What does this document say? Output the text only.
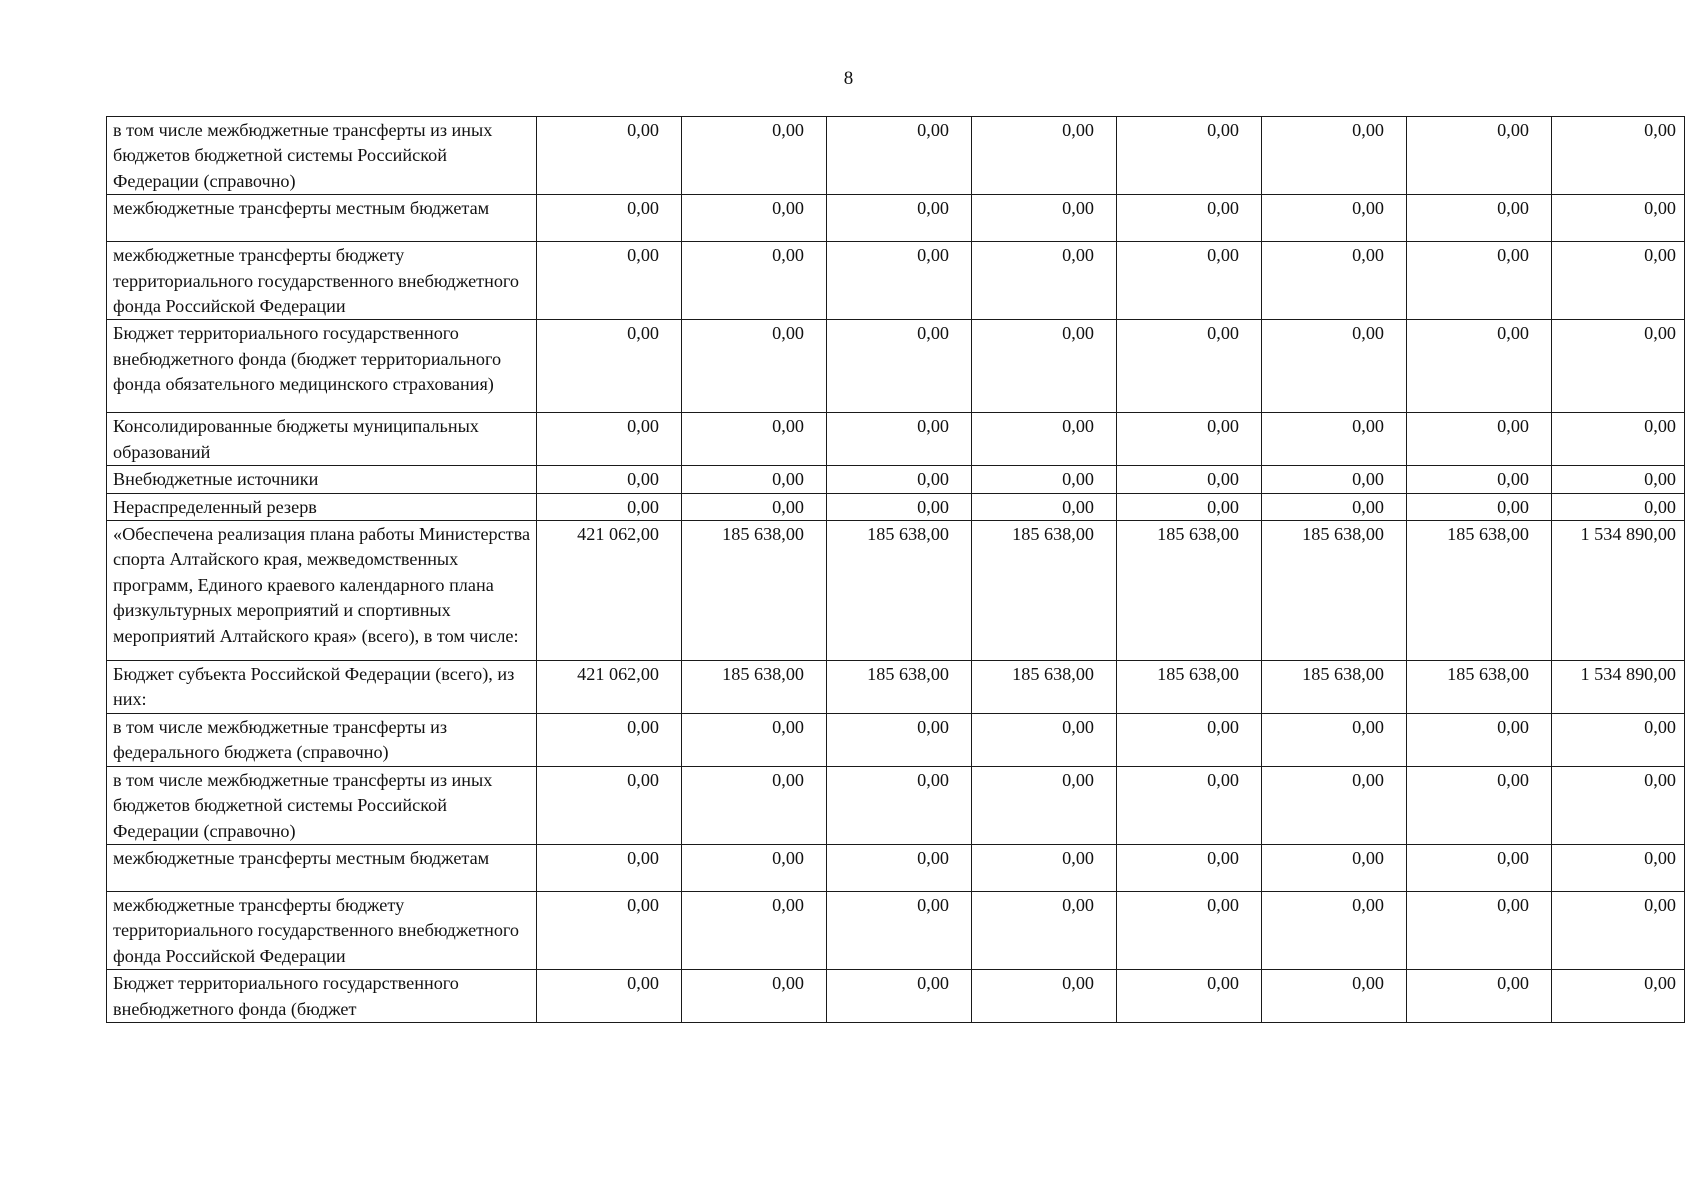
8
в том числе межбюджетные трансферты из иных бюджетов бюджетной системы Российской Федерации (справочно)	0,00	0,00	0,00	0,00	0,00	0,00	0,00	0,00
межбюджетные трансферты местным бюджетам	0,00	0,00	0,00	0,00	0,00	0,00	0,00	0,00
межбюджетные трансферты бюджету территориального государственного внебюджетного фонда Российской Федерации	0,00	0,00	0,00	0,00	0,00	0,00	0,00	0,00
Бюджет территориального государственного внебюджетного фонда (бюджет территориального фонда обязательного медицинского страхования)	0,00	0,00	0,00	0,00	0,00	0,00	0,00	0,00
Консолидированные бюджеты муниципальных образований	0,00	0,00	0,00	0,00	0,00	0,00	0,00	0,00
Внебюджетные источники	0,00	0,00	0,00	0,00	0,00	0,00	0,00	0,00
Нераспределенный резерв	0,00	0,00	0,00	0,00	0,00	0,00	0,00	0,00
«Обеспечена реализация плана работы Министерства спорта Алтайского края, межведомственных программ, Единого краевого календарного плана физкультурных мероприятий и спортивных мероприятий Алтайского края» (всего), в том числе:	421 062,00	185 638,00	185 638,00	185 638,00	185 638,00	185 638,00	185 638,00	1 534 890,00
Бюджет субъекта Российской Федерации (всего), из них:	421 062,00	185 638,00	185 638,00	185 638,00	185 638,00	185 638,00	185 638,00	1 534 890,00
в том числе межбюджетные трансферты из федерального бюджета (справочно)	0,00	0,00	0,00	0,00	0,00	0,00	0,00	0,00
в том числе межбюджетные трансферты из иных бюджетов бюджетной системы Российской Федерации (справочно)	0,00	0,00	0,00	0,00	0,00	0,00	0,00	0,00
межбюджетные трансферты местным бюджетам	0,00	0,00	0,00	0,00	0,00	0,00	0,00	0,00
межбюджетные трансферты бюджету территориального государственного внебюджетного фонда Российской Федерации	0,00	0,00	0,00	0,00	0,00	0,00	0,00	0,00
Бюджет территориального государственного внебюджетного фонда (бюджет	0,00	0,00	0,00	0,00	0,00	0,00	0,00	0,00
